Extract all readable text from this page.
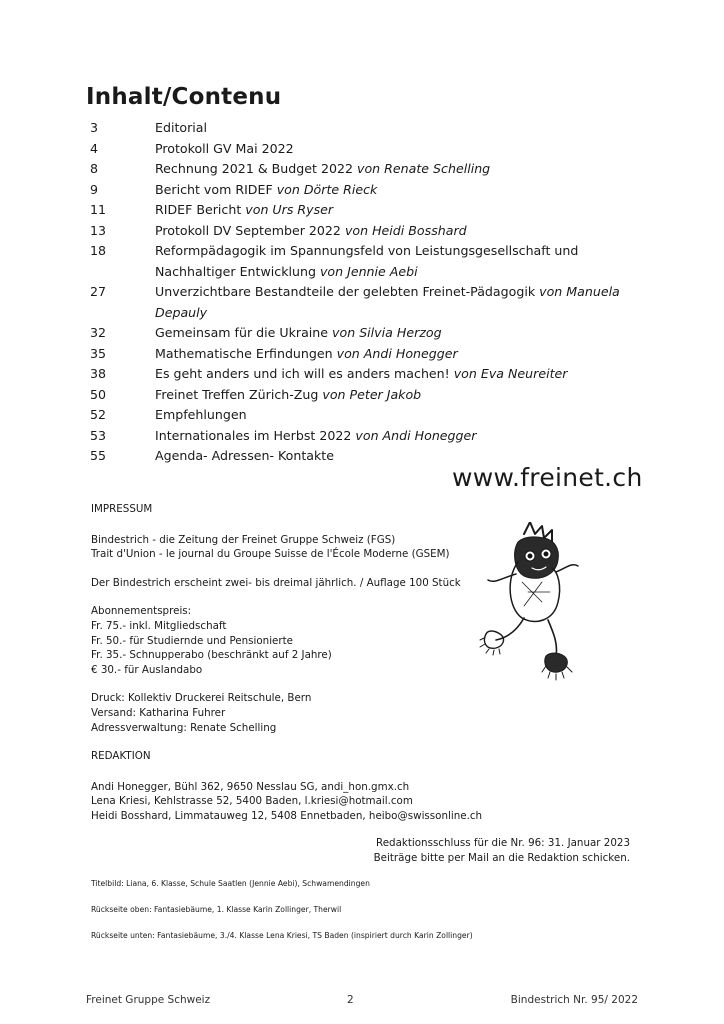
Inhalt/Contenu
3	Editorial
4	Protokoll GV Mai 2022
8	Rechnung 2021 & Budget 2022 von Renate Schelling
9	Bericht vom RIDEF von Dörte Rieck
11	RIDEF Bericht von Urs Ryser
13	Protokoll DV September 2022 von Heidi Bosshard
18	Reformpädagogik im Spannungsfeld von Leistungsgesellschaft und Nachhaltiger Entwicklung von Jennie Aebi
27	Unverzichtbare Bestandteile der gelebten Freinet-Pädagogik von Manuela Depauly
32	Gemeinsam für die Ukraine von Silvia Herzog
35	Mathematische Erfindungen von Andi Honegger
38	Es geht anders und ich will es anders machen! von Eva Neureiter
50	Freinet Treffen Zürich-Zug von Peter Jakob
52	Empfehlungen
53	Internationales im Herbst 2022 von Andi Honegger
55	Agenda- Adressen- Kontakte
www.freinet.ch

IMPRESSUM

Bindestrich - die Zeitung der Freinet Gruppe Schweiz (FGS)

Trait d'Union - le journal du Groupe Suisse de l'École Moderne (GSEM)

Der Bindestrich erscheint zwei- bis dreimal jährlich. / Auflage 100 Stück

Abonnementspreis:

Fr. 75.- inkl. Mitgliedschaft

Fr. 50.- für Studiernde und Pensionierte

Fr. 35.- Schnupperabo (beschränkt auf 2 Jahre)

€ 30.- für Auslandabo

Druck: Kollektiv Druckerei Reitschule, Bern

Versand: Katharina Fuhrer

Adressverwaltung: Renate Schelling

REDAKTION

Andi Honegger, Bühl 362, 9650 Nesslau SG, andi_hon.gmx.ch

Lena Kriesi, Kehlstrasse 52, 5400 Baden, l.kriesi@hotmail.com

Heidi Bosshard, Limmatauweg 12, 5408 Ennetbaden, heibo@swissonline.ch

Redaktionsschluss für die Nr. 96: 31. Januar 2023
Beiträge bitte per Mail an die Redaktion schicken.

Titelbild: Liana, 6. Klasse, Schule Saatlen (Jennie Aebi), Schwamendingen

Rückseite oben: Fantasiebäume, 1. Klasse Karin Zollinger, Therwil

Rückseite unten: Fantasiebäume, 3./4. Klasse Lena Kriesi, TS Baden (inspiriert durch Karin Zollinger)

Freinet Gruppe Schweiz	2	Bindestrich Nr. 95/ 2022
